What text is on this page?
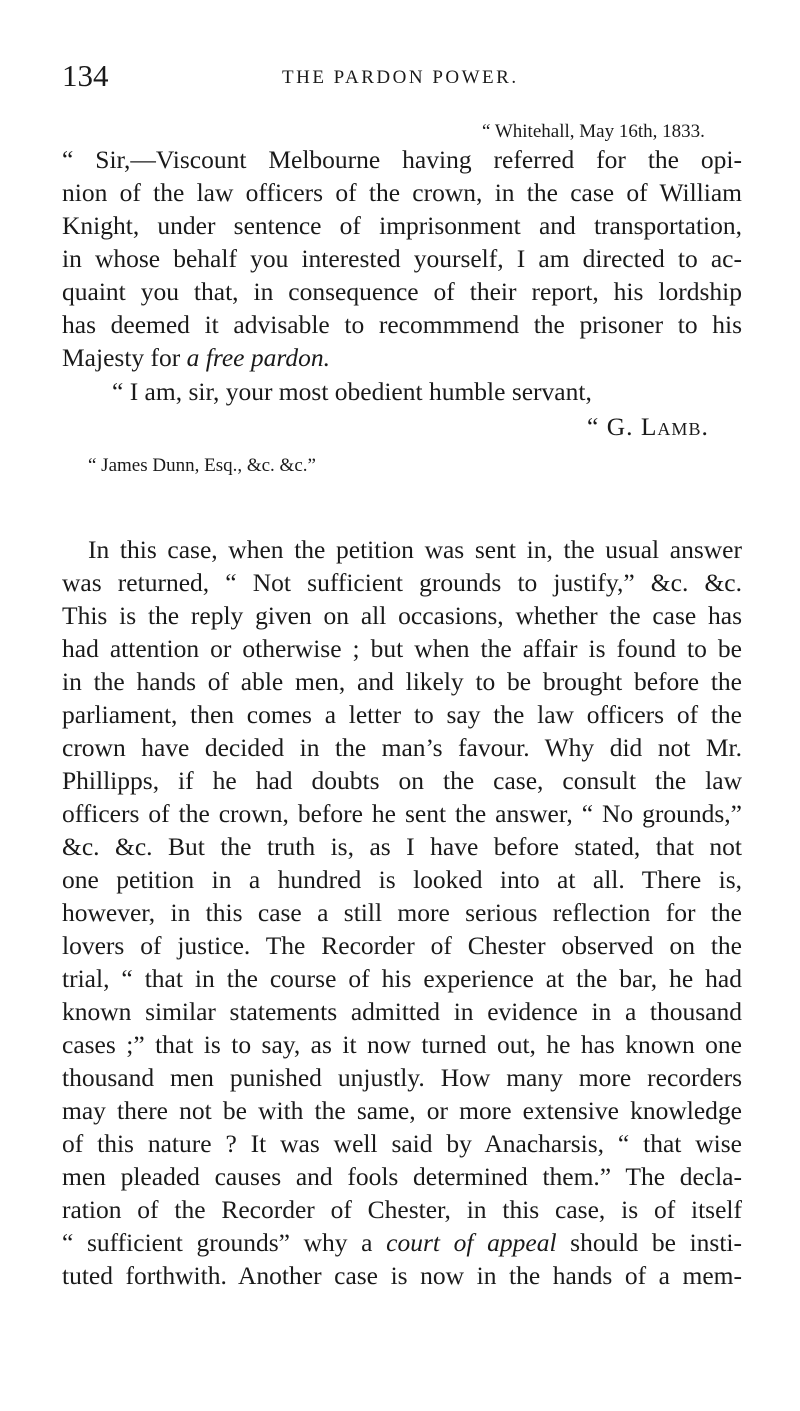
134	THE PARDON POWER.
“ Whitehall, May 16th, 1833.
“ Sir,—Viscount Melbourne having referred for the opi-
nion of the law officers of the crown, in the case of William
Knight, under sentence of imprisonment and transportation,
in whose behalf you interested yourself, I am directed to ac-
quaint you that, in consequence of their report, his lordship
has deemed it advisable to recommmend the prisoner to his
Majesty for a free pardon.
“ I am, sir, your most obedient humble servant,
“ G. Lamb.
“ James Dunn, Esq., &c. &c.”
In this case, when the petition was sent in, the usual answer
was returned, “ Not sufficient grounds to justify,” &c. &c.
This is the reply given on all occasions, whether the case has
had attention or otherwise ; but when the affair is found to be
in the hands of able men, and likely to be brought before the
parliament, then comes a letter to say the law officers of the
crown have decided in the man’s favour. Why did not Mr.
Phillipps, if he had doubts on the case, consult the law
officers of the crown, before he sent the answer, “ No grounds,”
&c. &c. But the truth is, as I have before stated, that not
one petition in a hundred is looked into at all. There is,
however, in this case a still more serious reflection for the
lovers of justice. The Recorder of Chester observed on the
trial, “ that in the course of his experience at the bar, he had
known similar statements admitted in evidence in a thousand
cases ;” that is to say, as it now turned out, he has known one
thousand men punished unjustly. How many more recorders
may there not be with the same, or more extensive knowledge
of this nature ? It was well said by Anacharsis, “ that wise
men pleaded causes and fools determined them.” The decla-
ration of the Recorder of Chester, in this case, is of itself
“ sufficient grounds” why a court of appeal should be insti-
tuted forthwith. Another case is now in the hands of a mem-
